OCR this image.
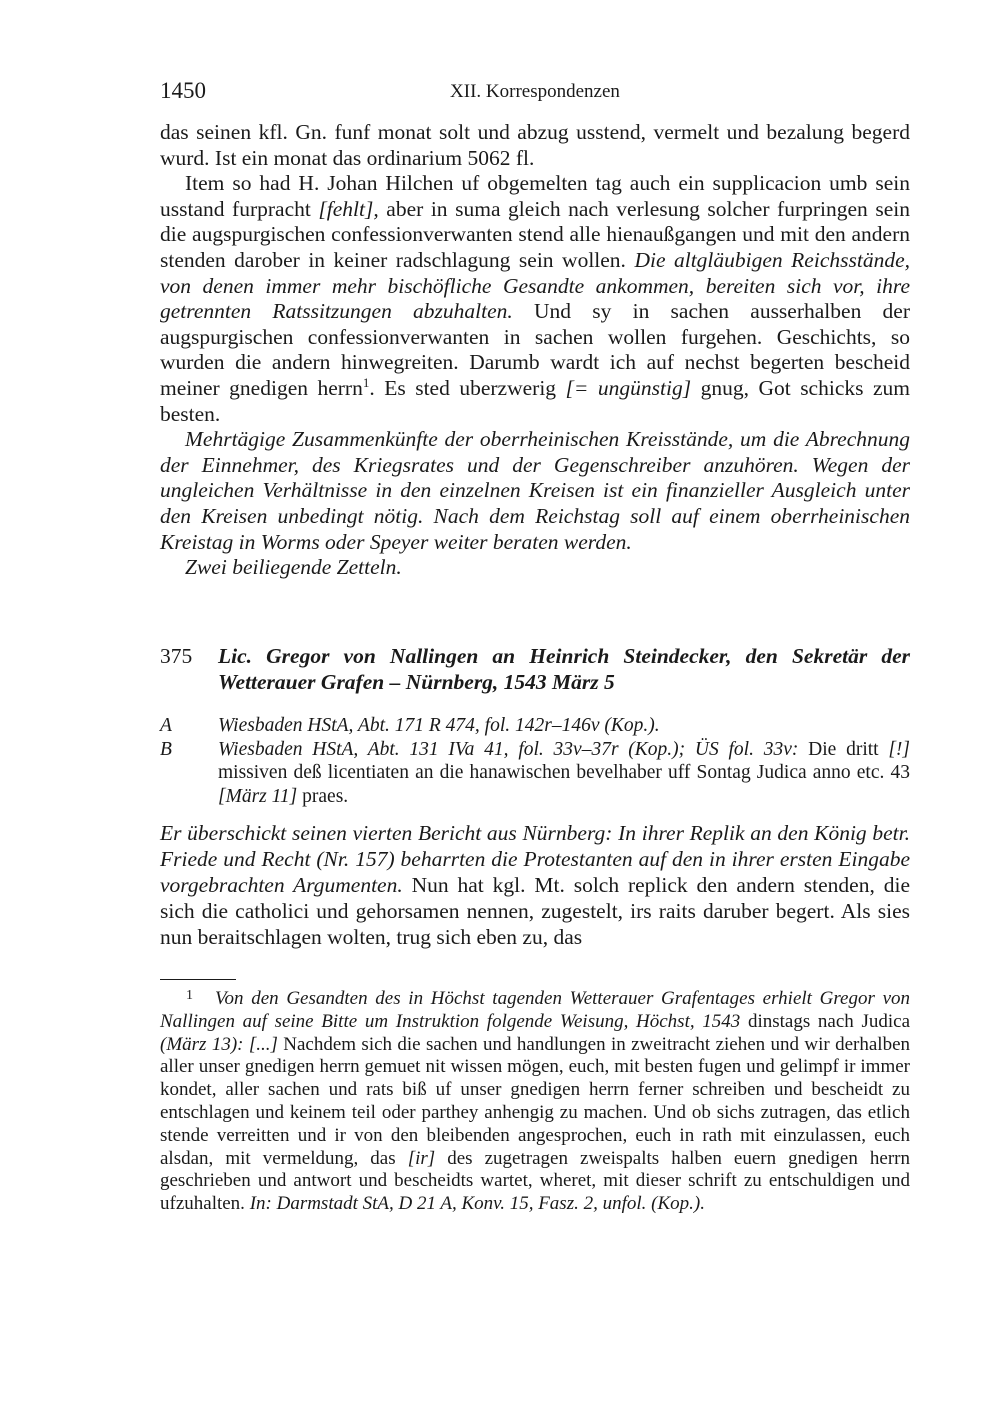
1450	XII. Korrespondenzen

das seinen kfl. Gn. funf monat solt und abzug usstend, vermelt und bezalung begerd wurd. Ist ein monat das ordinarium 5062 fl.

Item so had H. Johan Hilchen uf obgemelten tag auch ein supplicacion umb sein usstand furpracht [fehlt], aber in suma gleich nach verlesung solcher furpringen sein die augspurgischen confessionverwanten stend alle hienaußgangen und mit den andern stenden darober in keiner radschlagung sein wollen. Die altgläubigen Reichsstände, von denen immer mehr bischöfliche Gesandte ankommen, bereiten sich vor, ihre getrennten Ratssitzungen abzuhalten. Und sy in sachen ausserhalben der augspurgischen confessionverwanten in sachen wollen furgehen. Geschichts, so wurden die andern hinwegreiten. Darumb wardt ich auf nechst begerten bescheid meiner gnedigen herrn$^1$. Es sted uberzwerig [= ungünstig] gnug, Got schicks zum besten.

Mehrtägige Zusammenkünfte der oberrheinischen Kreisstände, um die Abrechnung der Einnehmer, des Kriegsrates und der Gegenschreiber anzuhören. Wegen der ungleichen Verhältnisse in den einzelnen Kreisen ist ein finanzieller Ausgleich unter den Kreisen unbedingt nötig. Nach dem Reichstag soll auf einem oberrheinischen Kreistag in Worms oder Speyer weiter beraten werden.

Zwei beiliegende Zetteln.

375 Lic. Gregor von Nallingen an Heinrich Steindecker, den Sekretär der Wetterauer Grafen – Nürnberg, 1543 März 5
A	Wiesbaden HStA, Abt. 171 R 474, fol. 142r–146v (Kop.).
B	Wiesbaden HStA, Abt. 131 IVa 41, fol. 33v–37r (Kop.); ÜS fol. 33v: Die dritt [!] missiven deß licentiaten an die hanawischen bevelhaber uff Sontag Judica anno etc. 43 [März 11] praes.

Er überschickt seinen vierten Bericht aus Nürnberg: In ihrer Replik an den König betr. Friede und Recht (Nr. 157) beharrten die Protestanten auf den in ihrer ersten Eingabe vorgebrachten Argumenten. Nun hat kgl. Mt. solch replick den andern stenden, die sich die catholici und gehorsamen nennen, zugestelt, irs raits daruber begert. Als sies nun beraitschlagen wolten, trug sich eben zu, das

$^1$ Von den Gesandten des in Höchst tagenden Wetterauer Grafentages erhielt Gregor von Nallingen auf seine Bitte um Instruktion folgende Weisung, Höchst, 1543 dinstags nach Judica (März 13): [...] Nachdem sich die sachen und handlungen in zweitracht ziehen und wir derhalben aller unser gnedigen herrn gemuet nit wissen mögen, euch, mit besten fugen und gelimpf ir immer kondet, aller sachen und rats biß uf unser gnedigen herrn ferner schreiben und bescheidt zu entschlagen und keinem teil oder parthey anhengig zu machen. Und ob sichs zutragen, das etlich stende verreitten und ir von den bleibenden angesprochen, euch in rath mit einzulassen, euch alsdan, mit vermeldung, das [ir] des zugetragen zweispalts halben euern gnedigen herrn geschrieben und antwort und bescheidts wartet, wheret, mit dieser schrift zu entschuldigen und ufzuhalten. In: Darmstadt StA, D 21 A, Konv. 15, Fasz. 2, unfol. (Kop.).
